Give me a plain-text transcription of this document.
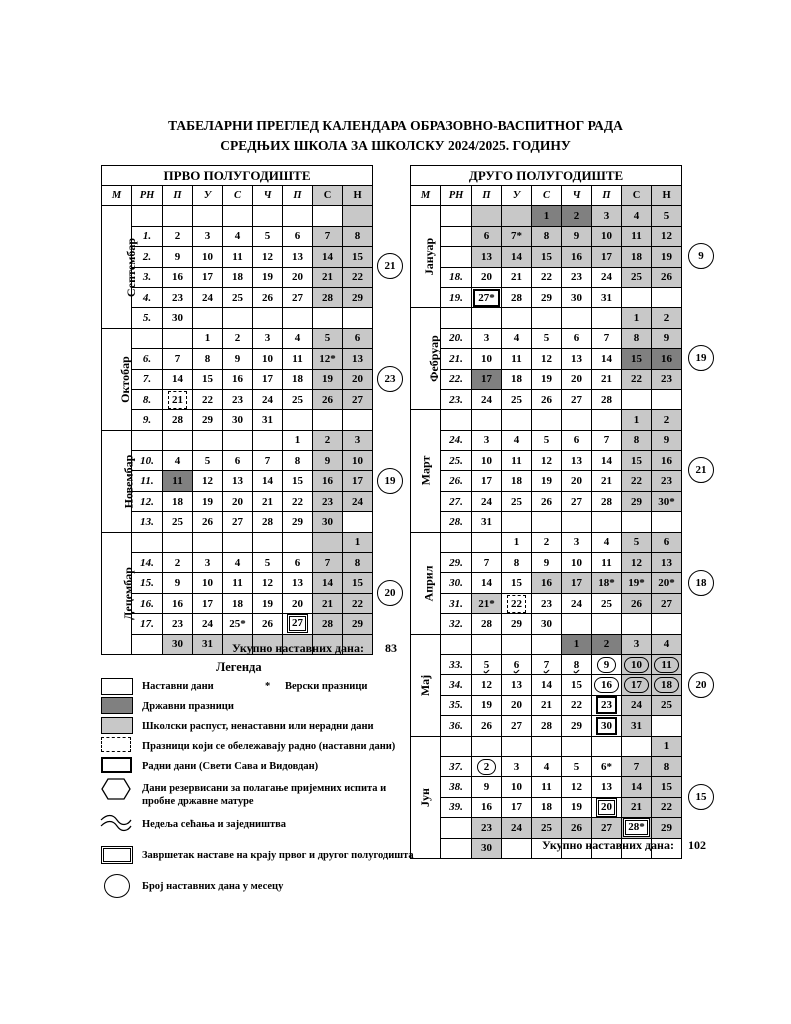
ТАБЕЛАРНИ ПРЕГЛЕД КАЛЕНДАРА ОБРАЗОВНО-ВАСПИТНОГ РАДА
СРЕДЊИХ ШКОЛА ЗА ШКОЛСКУ 2024/2025. ГОДИНУ
ПРВО ПОЛУГОДИШТЕ									
М	РН	П	У	С	Ч	П	С	Н	
Септембар									
	1.	2	3	4	5	6	7	8	
	2.	9	10	11	12	13	14	15	
	3.	16	17	18	19	20	21	22	
	4.	23	24	25	26	27	28	29	
	5.	30							
Октобар			1	2	3	4	5	6	
	6.	7	8	9	10	11	12*	13	
	7.	14	15	16	17	18	19	20	
	8.	21	22	23	24	25	26	27	
	9.	28	29	30	31				
Новембар						1	2	3	
	10.	4	5	6	7	8	9	10	
	11.	11	12	13	14	15	16	17	
	12.	18	19	20	21	22	23	24	
	13.	25	26	27	28	29	30		
Децембар								1	
	14.	2	3	4	5	6	7	8	
	15.	9	10	11	12	13	14	15	
	16.	16	17	18	19	20	21	22	
	17.	23	24	25*	26	27	28	29	
		30	31						
ДРУГО ПОЛУГОДИШТЕ								
М	РН	П	У	С	Ч	П	С	Н
Јануар				1	2	3	4	5
		6	7*	8	9	10	11	12
		13	14	15	16	17	18	19
	18.	20	21	22	23	24	25	26
	19.	27*	28	29	30	31		
Фебруар							1	2
	20.	3	4	5	6	7	8	9
	21.	10	11	12	13	14	15	16
	22.	17	18	19	20	21	22	23
	23.	24	25	26	27	28		
Март							1	2
	24.	3	4	5	6	7	8	9
	25.	10	11	12	13	14	15	16
	26.	17	18	19	20	21	22	23
	27.	24	25	26	27	28	29	30*
	28.	31						
Април			1	2	3	4	5	6
	29.	7	8	9	10	11	12	13
	30.	14	15	16	17	18*	19*	20*
	31.	21*	22	23	24	25	26	27
	32.	28	29	30				
Мај					1	2	3	4
	33.	5	6	7	8	9	10	11
	34.	12	13	14	15	16	17	18
	35.	19	20	21	22	23	24	25
	36.	26	27	28	29	30	31	
Јун								1
	37.	2	3	4	5	6*	7	8
	38.	9	10	11	12	13	14	15
	39.	16	17	18	19	20	21	22
		23	24	25	26	27	28*	29
		30						
21
23
19
20
9
19
21
18
20
15
Укупно наставних дана: 83
Укупно наставних дана: 102
Легенда
Наставни дани	* Верски празници
Државни празници
Школски распуст, ненаставни или нерадни дани
Празници који се обележавају радно (наставни дани)
Радни дани (Свети Сава и Видовдан)
Дани резервисани за полагање пријемних испита и
пробне државне матуре
Недеља сећања и заједништва
Завршетак наставе на крају првог и другог полугодишта
Број наставних дана у месецу
